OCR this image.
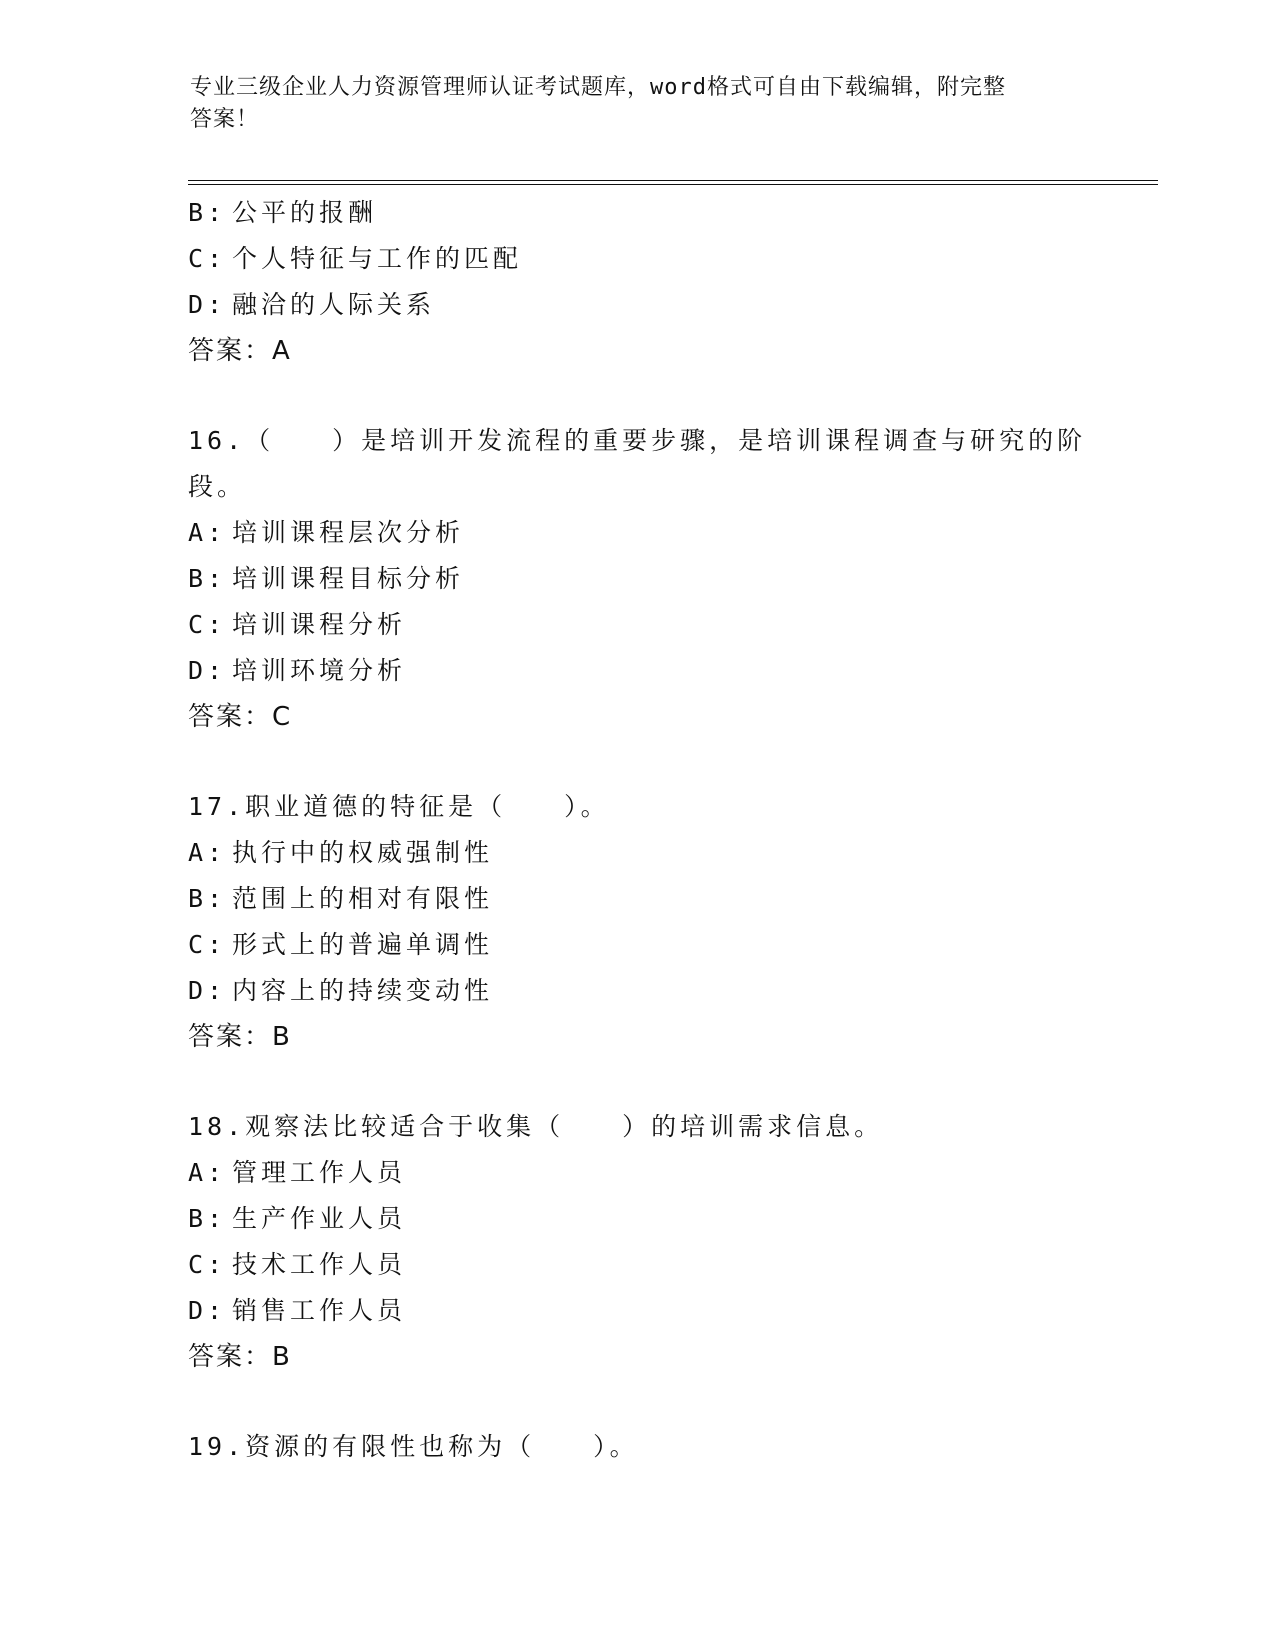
专业三级企业人力资源管理师认证考试题库，word格式可自由下载编辑，附完整
答案！
B: 公平的报酬
C: 个人特征与工作的匹配
D: 融洽的人际关系
答案：A
16.（　　）是培训开发流程的重要步骤，是培训课程调查与研究的阶
段。
A: 培训课程层次分析
B: 培训课程目标分析
C: 培训课程分析
D: 培训环境分析
答案：C
17.职业道德的特征是（　　）。
A: 执行中的权威强制性
B: 范围上的相对有限性
C: 形式上的普遍单调性
D: 内容上的持续变动性
答案：B
18.观察法比较适合于收集（　　）的培训需求信息。
A: 管理工作人员
B: 生产作业人员
C: 技术工作人员
D: 销售工作人员
答案：B
19.资源的有限性也称为（　　）。
